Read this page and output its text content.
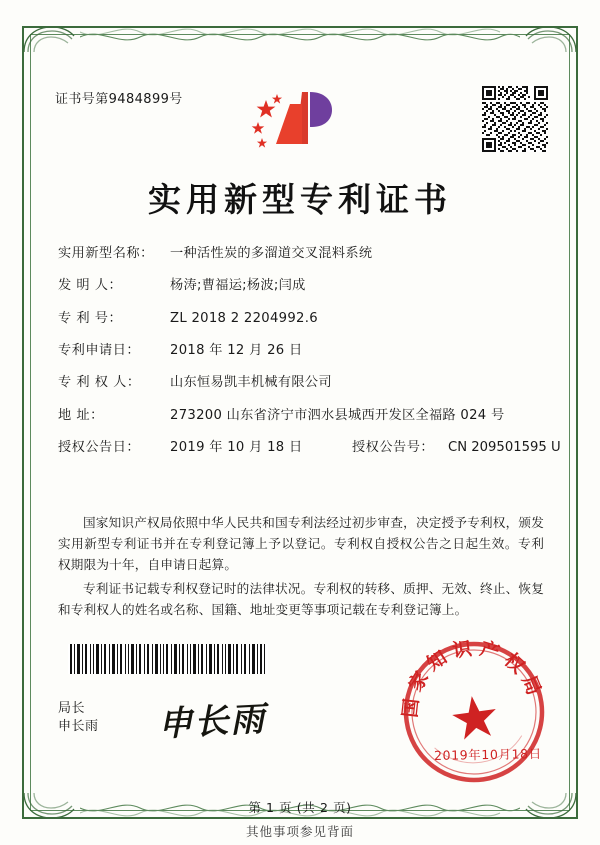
证书号第9484899号
实用新型专利证书
实用新型名称：	一种活性炭的多溜道交叉混料系统
发 明 人：	杨涛;曹福运;杨波;闫成
专 利 号：	ZL 2018 2 2204992.6
专利申请日：	2018 年 12 月 26 日
专 利 权 人：	山东恒易凯丰机械有限公司
地 址：	273200 山东省济宁市泗水县城西开发区全福路 024 号
授权公告日：	2019 年 10 月 18 日	授权公告号：	CN 209501595 U

国家知识产权局依照中华人民共和国专利法经过初步审查，决定授予专利权，颁发实用新型专利证书并在专利登记簿上予以登记。专利权自授权公告之日起生效。专利权期限为十年，自申请日起算。

专利证书记载专利权登记时的法律状况。专利权的转移、质押、无效、终止、恢复和专利权人的姓名或名称、国籍、地址变更等事项记载在专利登记簿上。

局长
申长雨 申长雨	国家知识产权局
2019年10月18日
第 1 页 (共 2 页)
其他事项参见背面
